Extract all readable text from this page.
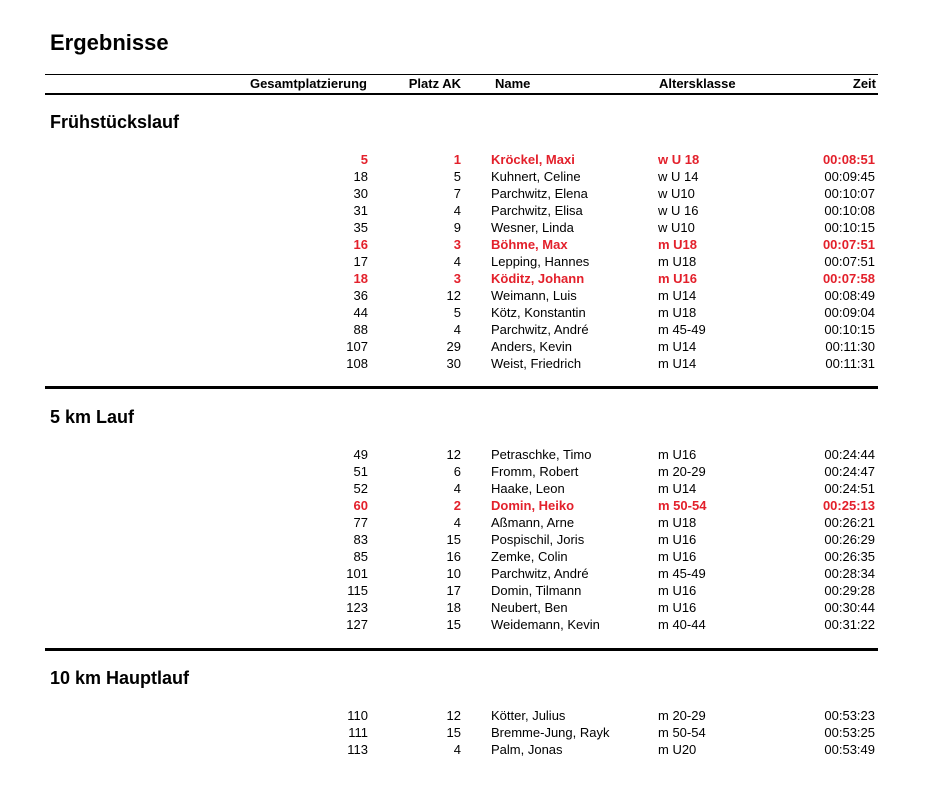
Ergebnisse
Gesamtplatzierung	Platz AK	Name	Altersklasse	Zeit
Frühstückslauf
5	1 Kröckel, Maxi	w U 18	00:08:51
18	5 Kuhnert, Celine	w U 14	00:09:45
30	7 Parchwitz, Elena	w U10	00:10:07
31	4 Parchwitz, Elisa	w U 16	00:10:08
35	9 Wesner, Linda	w U10	00:10:15
16	3 Böhme, Max	m U18	00:07:51
17	4 Lepping, Hannes	m U18	00:07:51
18	3 Köditz, Johann	m U16	00:07:58
36	12 Weimann, Luis	m U14	00:08:49
44	5 Kötz, Konstantin	m U18	00:09:04
88	4 Parchwitz, André	m 45-49	00:10:15
107	29 Anders, Kevin	m U14	00:11:30
108	30 Weist, Friedrich	m U14	00:11:31
5 km Lauf
49	12 Petraschke, Timo	m U16	00:24:44
51	6 Fromm, Robert	m 20-29	00:24:47
52	4 Haake, Leon	m U14	00:24:51
60	2 Domin, Heiko	m 50-54	00:25:13
77	4 Aßmann, Arne	m U18	00:26:21
83	15 Pospischil, Joris	m U16	00:26:29
85	16 Zemke, Colin	m U16	00:26:35
101	10 Parchwitz, André	m 45-49	00:28:34
115	17 Domin, Tilmann	m U16	00:29:28
123	18 Neubert, Ben	m U16	00:30:44
127	15 Weidemann, Kevin	m 40-44	00:31:22
10 km Hauptlauf
110	12 Kötter, Julius	m 20-29	00:53:23
111	15 Bremme-Jung, Rayk	m 50-54	00:53:25
113	4 Palm, Jonas	m U20	00:53:49
